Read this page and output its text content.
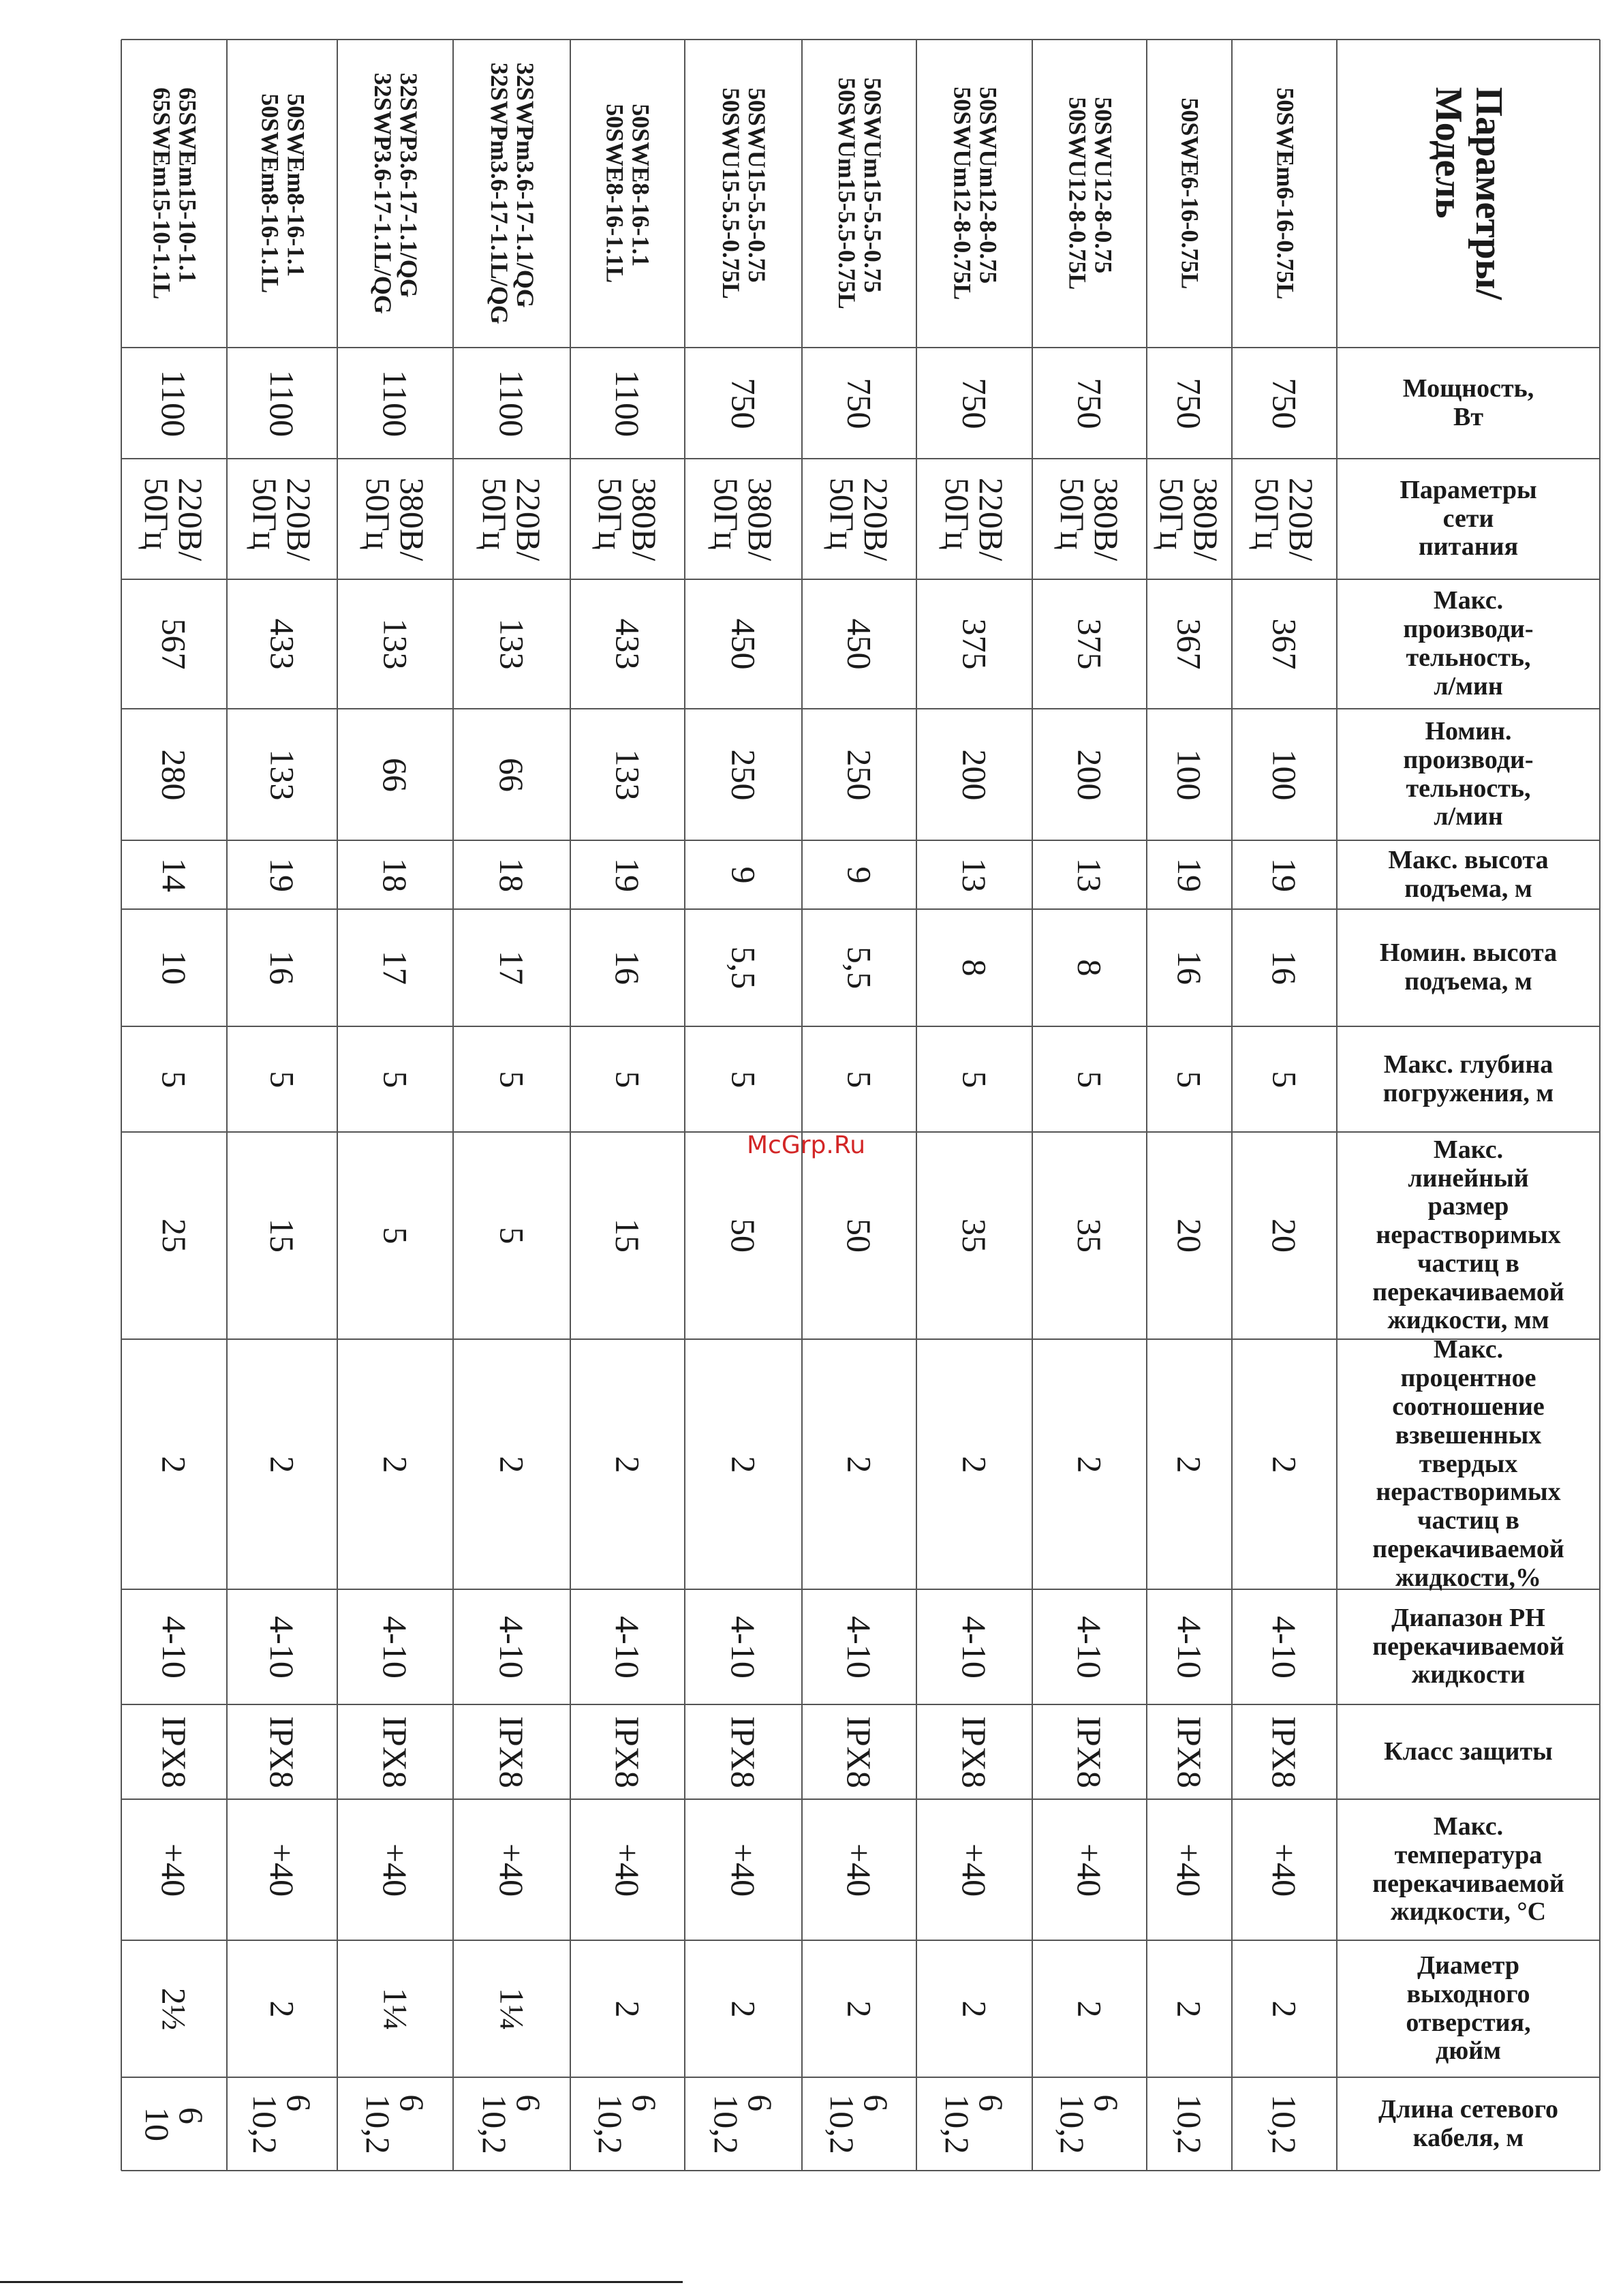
Параметры/
Модель
Мощность,
Вт
Параметры
сети
питания
Макс.
производи-
тельность,
л/мин
Номин.
производи-
тельность,
л/мин
Макс. высота
подъема, м
Номин. высота
подъема, м
Макс. глубина
погружения, м
Макс.
линейный
размер
нерастворимых
частиц в
перекачиваемой
жидкости, мм
Макс.
процентное
соотношение
взвешенных
твердых
нерастворимых
частиц в
перекачиваемой
жидкости,%
Диапазон PH
перекачиваемой
жидкости
Класс защиты
Макс.
температура
перекачиваемой
жидкости, °C
Диаметр
выходного
отверстия,
дюйм
Длина сетевого
кабеля, м
50SWEm6-16-0.75L
750
220B/
50Гц
367
100
19
16
5
20
2
4-10
IPX8
+40
2
10,2
50SWE6-16-0.75L
750
380B/
50Гц
367
100
19
16
5
20
2
4-10
IPX8
+40
2
10,2
50SWU12-8-0.75
50SWU12-8-0.75L
750
380B/
50Гц
375
200
13
8
5
35
2
4-10
IPX8
+40
2
6
10,2
50SWUm12-8-0.75
50SWUm12-8-0.75L
750
220B/
50Гц
375
200
13
8
5
35
2
4-10
IPX8
+40
2
6
10,2
50SWUm15-5.5-0.75
50SWUm15-5.5-0.75L
750
220B/
50Гц
450
250
9
5,5
5
50
2
4-10
IPX8
+40
2
6
10,2
50SWU15-5.5-0.75
50SWU15-5.5-0.75L
750
380B/
50Гц
450
250
9
5,5
5
50
2
4-10
IPX8
+40
2
6
10,2
50SWE8-16-1.1
50SWE8-16-1.1L
1100
380B/
50Гц
433
133
19
16
5
15
2
4-10
IPX8
+40
2
6
10,2
32SWPm3.6-17-1.1/QG
32SWPm3.6-17-1.1L/QG
1100
220B/
50Гц
133
66
18
17
5
5
2
4-10
IPX8
+40
1¼
6
10,2
32SWP3.6-17-1.1/QG
32SWP3.6-17-1.1L/QG
1100
380B/
50Гц
133
66
18
17
5
5
2
4-10
IPX8
+40
1¼
6
10,2
50SWEm8-16-1.1
50SWEm8-16-1.1L
1100
220B/
50Гц
433
133
19
16
5
15
2
4-10
IPX8
+40
2
6
10,2
65SWEm15-10-1.1
65SWEm15-10-1.1L
1100
220B/
50Гц
567
280
14
10
5
25
2
4-10
IPX8
+40
2½
6
10
McGrp.Ru
